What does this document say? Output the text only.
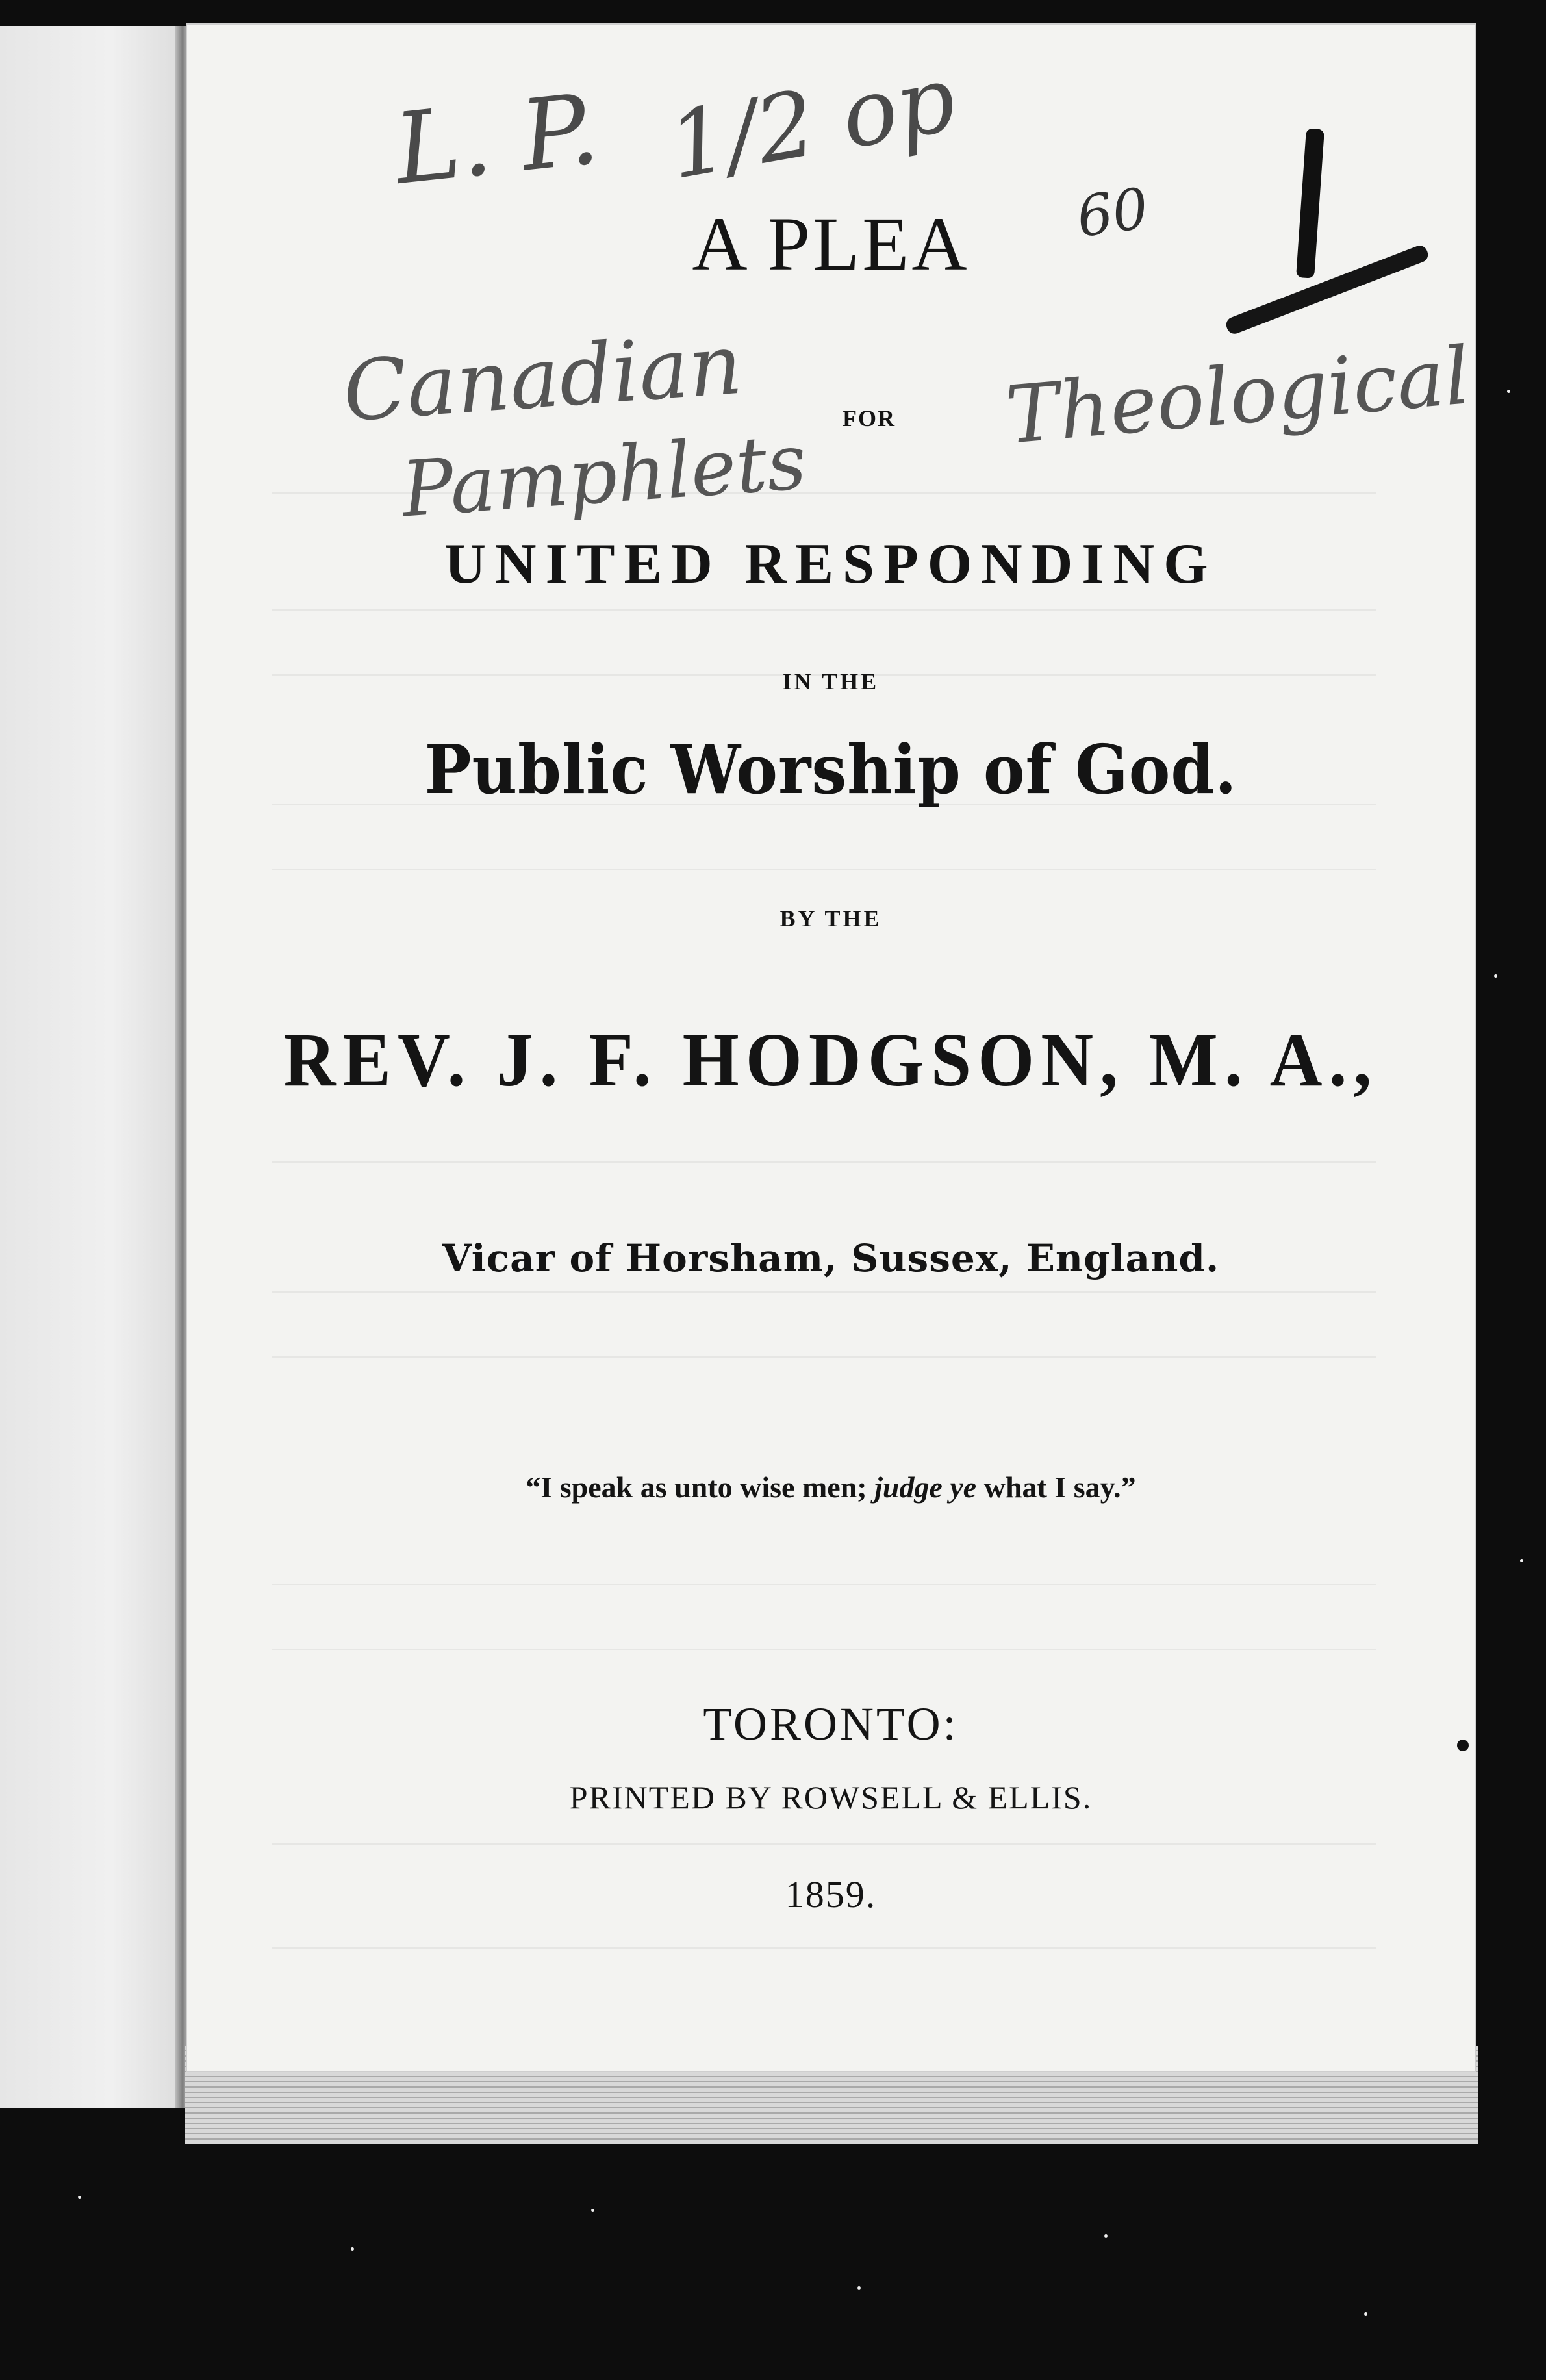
A PLEA
FOR
UNITED RESPONDING
IN THE
Public Worship of God.
BY THE
REV. J. F. HODGSON, M. A.,
Vicar of Horsham, Sussex, England.
“I speak as unto wise men; judge ye what I say.”
TORONTO:
PRINTED BY ROWSELL & ELLIS.
1859.
L. P. 1/2 op
60
Canadian
Pamphlets
Theological
